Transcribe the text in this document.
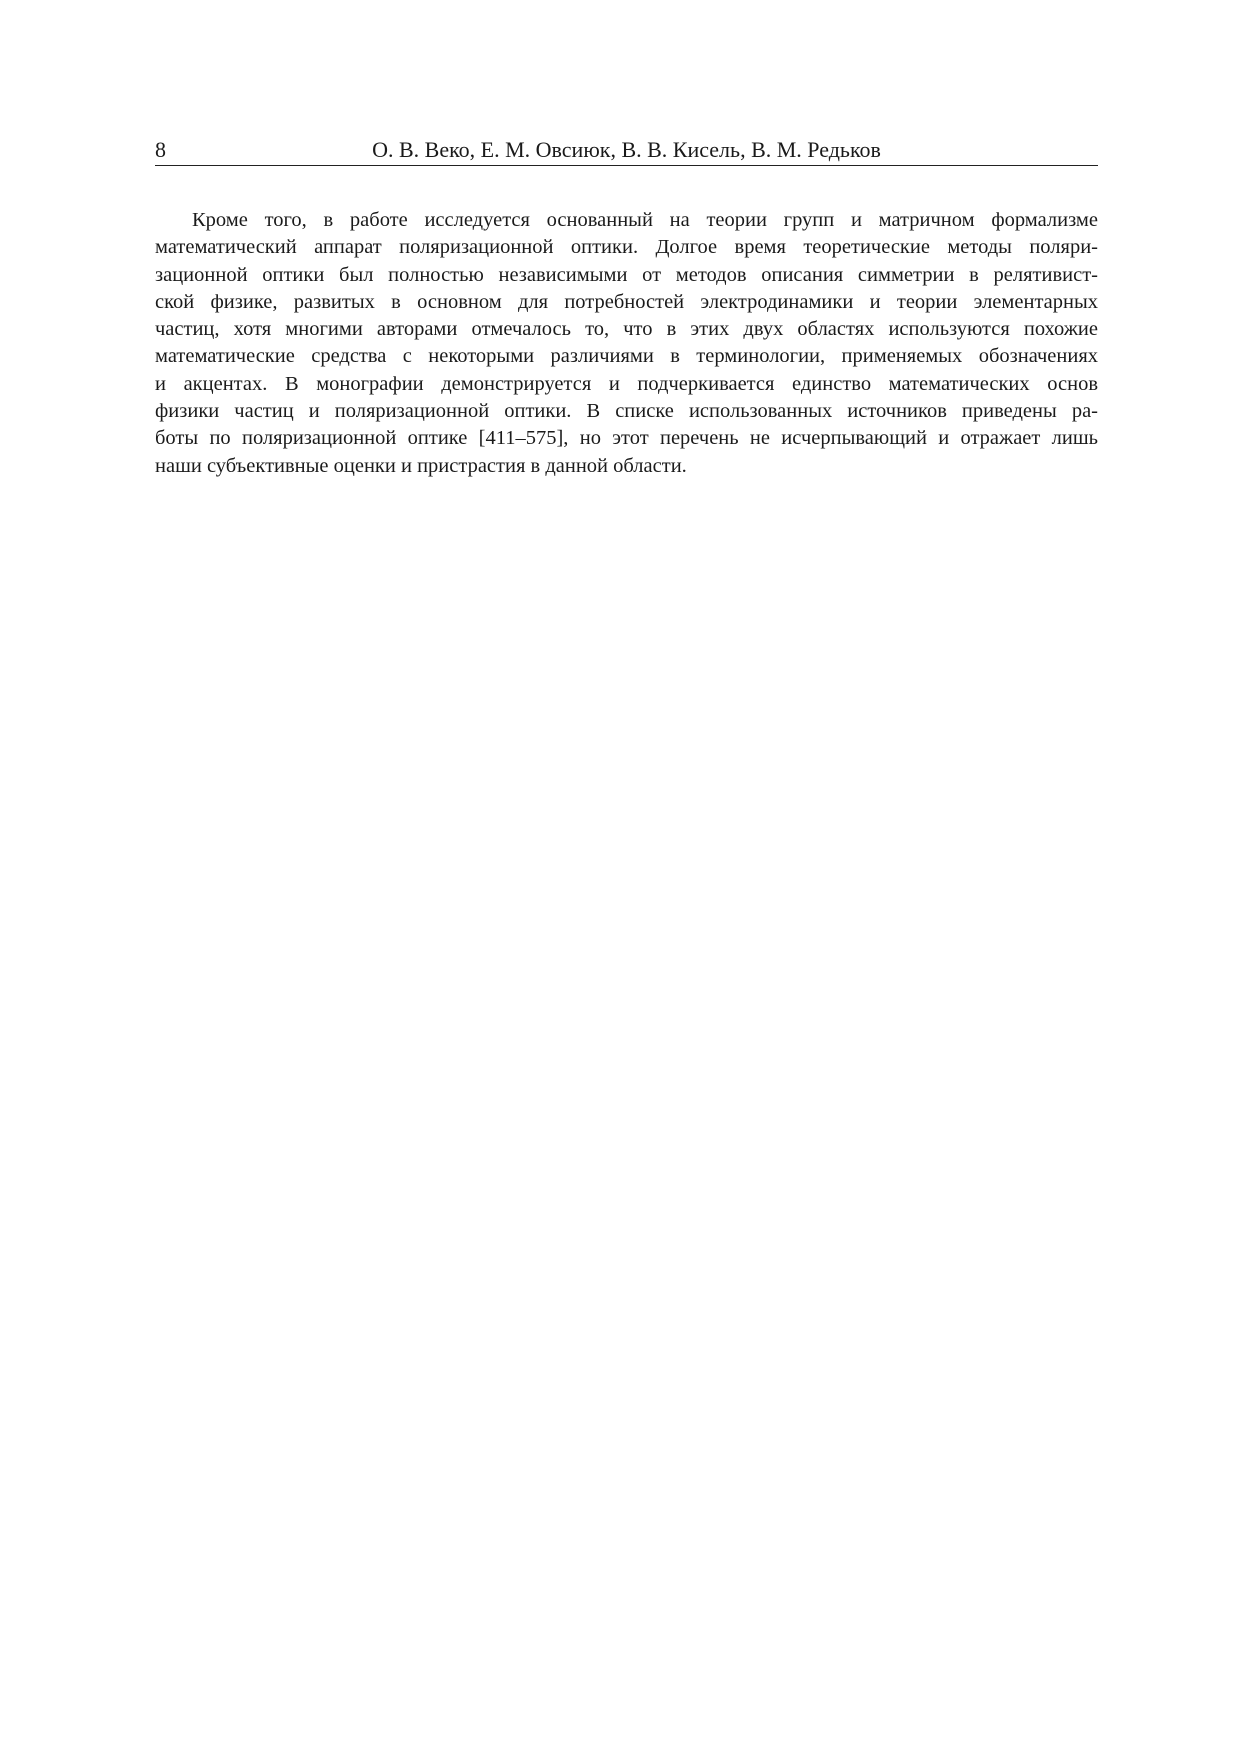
8	О. В. Веко, Е. М. Овсиюк, В. В. Кисель, В. М. Редьков
Кроме того, в работе исследуется основанный на теории групп и матричном формализме
математический аппарат поляризационной оптики. Долгое время теоретические методы поляри-
зационной оптики был полностью независимыми от методов описания симметрии в релятивист-
ской физике, развитых в основном для потребностей электродинамики и теории элементарных
частиц, хотя многими авторами отмечалось то, что в этих двух областях используются похожие
математические средства с некоторыми различиями в терминологии, применяемых обозначениях
и акцентах. В монографии демонстрируется и подчеркивается единство математических основ
физики частиц и поляризационной оптики. В списке использованных источников приведены ра-
боты по поляризационной оптике [411–575], но этот перечень не исчерпывающий и отражает лишь
наши субъективные оценки и пристрастия в данной области.
